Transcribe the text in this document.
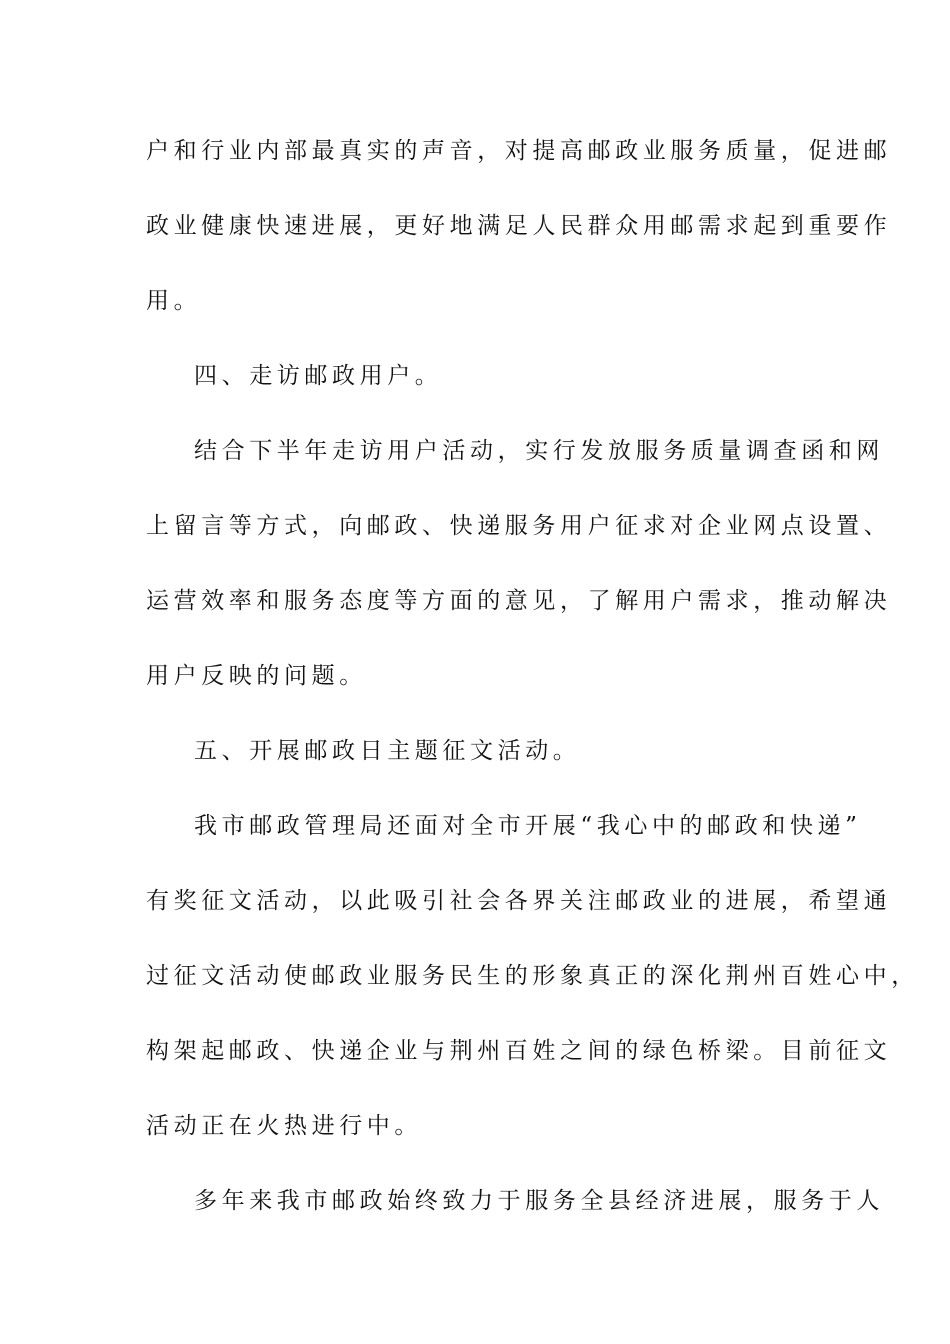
户和行业内部最真实的声音，对提高邮政业服务质量，促进邮
政业健康快速进展，更好地满足人民群众用邮需求起到重要作
用。
四、走访邮政用户。
结合下半年走访用户活动，实行发放服务质量调查函和网
上留言等方式，向邮政、快递服务用户征求对企业网点设置、
运营效率和服务态度等方面的意见，了解用户需求，推动解决
用户反映的问题。
五、开展邮政日主题征文活动。
我市邮政管理局还面对全市开展“我心中的邮政和快递”
有奖征文活动，以此吸引社会各界关注邮政业的进展，希望通
过征文活动使邮政业服务民生的形象真正的深化荆州百姓心中，
构架起邮政、快递企业与荆州百姓之间的绿色桥梁。目前征文
活动正在火热进行中。
多年来我市邮政始终致力于服务全县经济进展，服务于人
